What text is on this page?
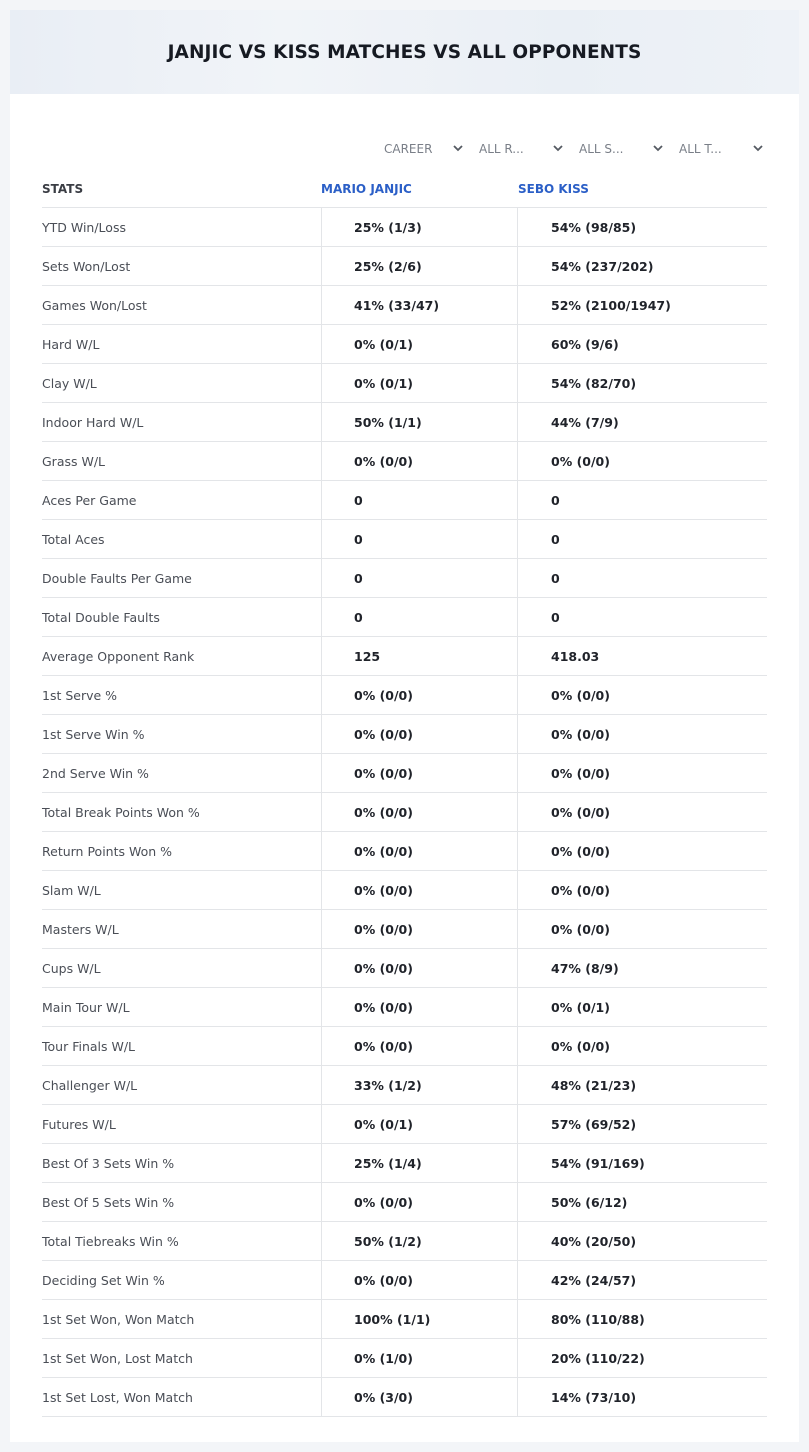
JANJIC VS KISS MATCHES VS ALL OPPONENTS
CAREER	ALL R...	ALL S...	ALL T...
STATS	MARIO JANJIC	SEBO KISS
YTD Win/Loss	25% (1/3)	54% (98/85)
Sets Won/Lost	25% (2/6)	54% (237/202)
Games Won/Lost	41% (33/47)	52% (2100/1947)
Hard W/L	0% (0/1)	60% (9/6)
Clay W/L	0% (0/1)	54% (82/70)
Indoor Hard W/L	50% (1/1)	44% (7/9)
Grass W/L	0% (0/0)	0% (0/0)
Aces Per Game	0	0
Total Aces	0	0
Double Faults Per Game	0	0
Total Double Faults	0	0
Average Opponent Rank	125	418.03
1st Serve %	0% (0/0)	0% (0/0)
1st Serve Win %	0% (0/0)	0% (0/0)
2nd Serve Win %	0% (0/0)	0% (0/0)
Total Break Points Won %	0% (0/0)	0% (0/0)
Return Points Won %	0% (0/0)	0% (0/0)
Slam W/L	0% (0/0)	0% (0/0)
Masters W/L	0% (0/0)	0% (0/0)
Cups W/L	0% (0/0)	47% (8/9)
Main Tour W/L	0% (0/0)	0% (0/1)
Tour Finals W/L	0% (0/0)	0% (0/0)
Challenger W/L	33% (1/2)	48% (21/23)
Futures W/L	0% (0/1)	57% (69/52)
Best Of 3 Sets Win %	25% (1/4)	54% (91/169)
Best Of 5 Sets Win %	0% (0/0)	50% (6/12)
Total Tiebreaks Win %	50% (1/2)	40% (20/50)
Deciding Set Win %	0% (0/0)	42% (24/57)
1st Set Won, Won Match	100% (1/1)	80% (110/88)
1st Set Won, Lost Match	0% (1/0)	20% (110/22)
1st Set Lost, Won Match	0% (3/0)	14% (73/10)
